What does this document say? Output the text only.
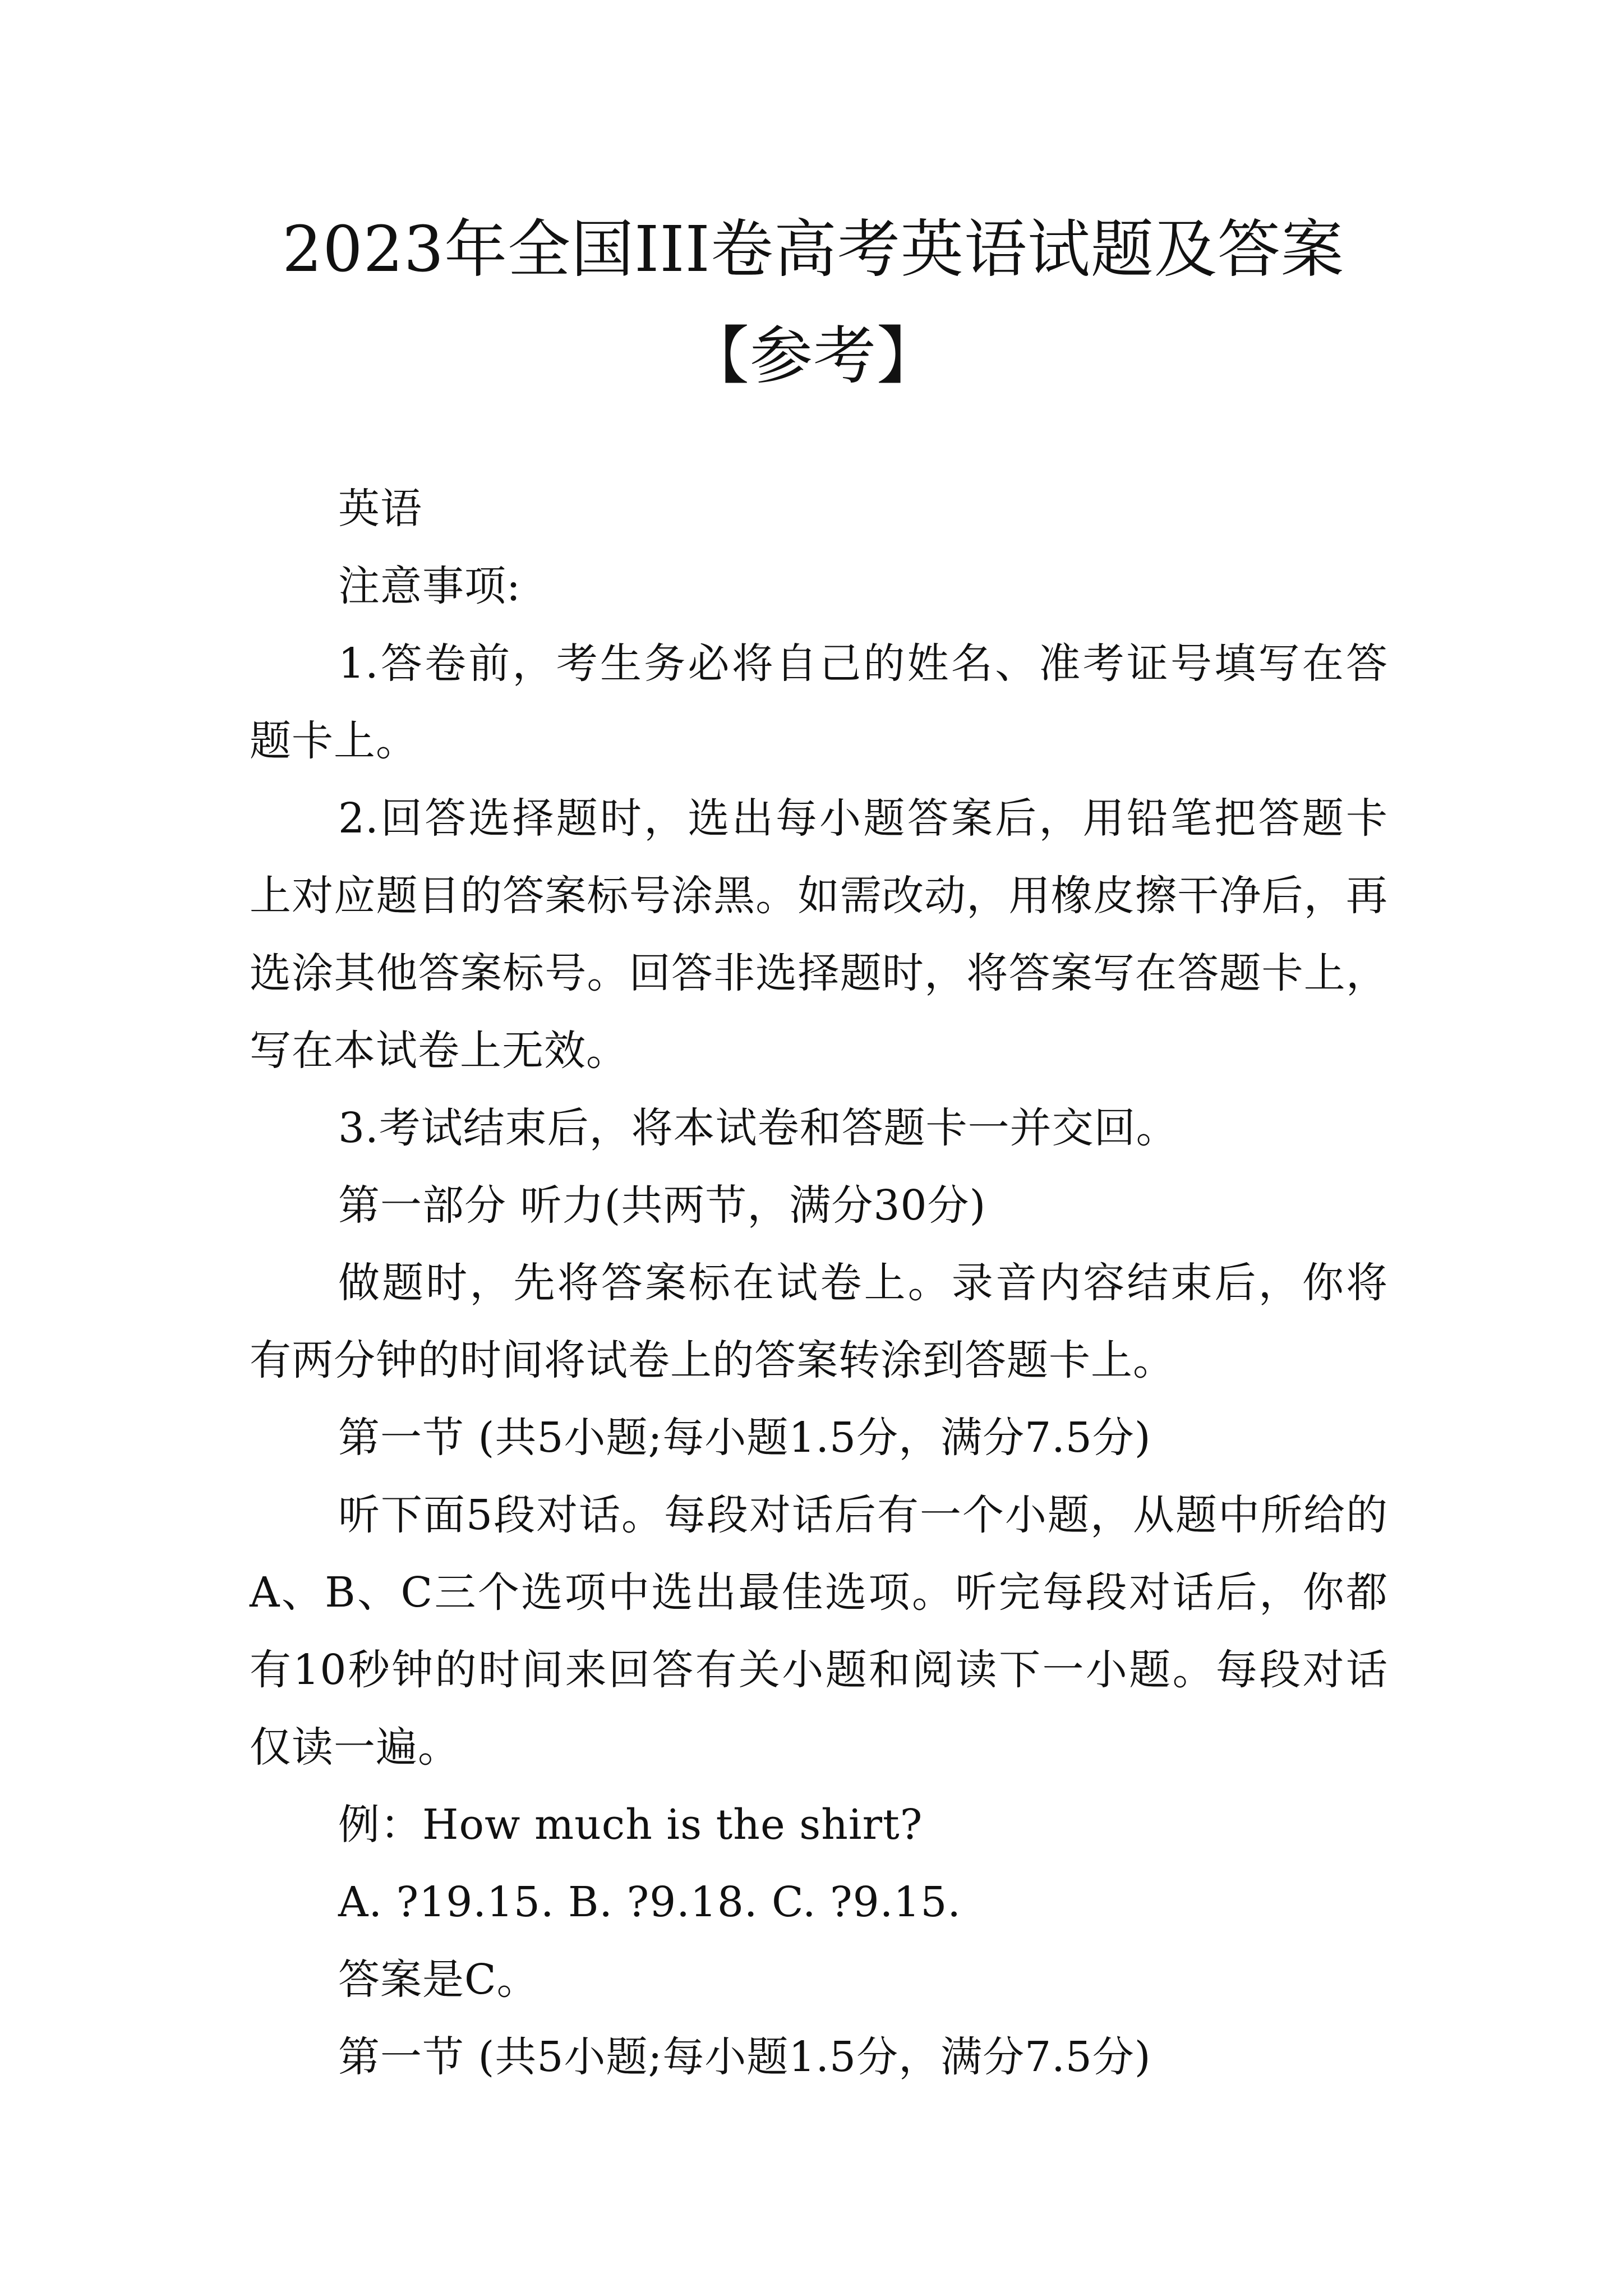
2023年全国III卷高考英语试题及答案【参考】

英语

注意事项:

1.答卷前，考生务必将自己的姓名、准考证号填写在答题卡上。

2.回答选择题时，选出每小题答案后，用铅笔把答题卡上对应题目的答案标号涂黑。如需改动，用橡皮擦干净后，再选涂其他答案标号。回答非选择题时，将答案写在答题卡上，写在本试卷上无效。

3.考试结束后，将本试卷和答题卡一并交回。

第一部分 听力(共两节，满分30分)

做题时，先将答案标在试卷上。录音内容结束后，你将有两分钟的时间将试卷上的答案转涂到答题卡上。

第一节 (共5小题;每小题1.5分，满分7.5分)

听下面5段对话。每段对话后有一个小题，从题中所给的A、B、C三个选项中选出最佳选项。听完每段对话后，你都有10秒钟的时间来回答有关小题和阅读下一小题。每段对话仅读一遍。

例：How much is the shirt?

A. ?19.15. B. ?9.18. C. ?9.15.

答案是C。

第一节 (共5小题;每小题1.5分，满分7.5分)
